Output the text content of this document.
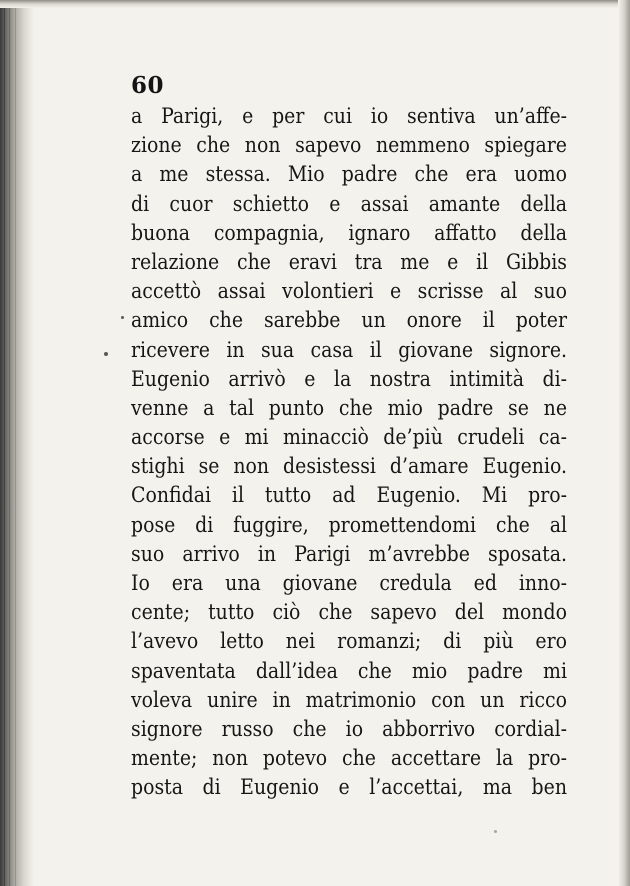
60
a Parigi, e per cui io sentiva un’affe-
zione che non sapevo nemmeno spiegare
a me stessa. Mio padre che era uomo
di cuor schietto e assai amante della
buona compagnia, ignaro affatto della
relazione che eravi tra me e il Gibbis
accettò assai volontieri e scrisse al suo
amico che sarebbe un onore il poter
ricevere in sua casa il giovane signore.
Eugenio arrivò e la nostra intimità di-
venne a tal punto che mio padre se ne
accorse e mi minacciò de’più crudeli ca-
stighi se non desistessi d’amare Eugenio.
Confidai il tutto ad Eugenio. Mi pro-
pose di fuggire, promettendomi che al
suo arrivo in Parigi m’avrebbe sposata.
Io era una giovane credula ed inno-
cente; tutto ciò che sapevo del mondo
l’avevo letto nei romanzi; di più ero
spaventata dall’idea che mio padre mi
voleva unire in matrimonio con un ricco
signore russo che io abborrivo cordial-
mente; non potevo che accettare la pro-
posta di Eugenio e l’accettai, ma ben
